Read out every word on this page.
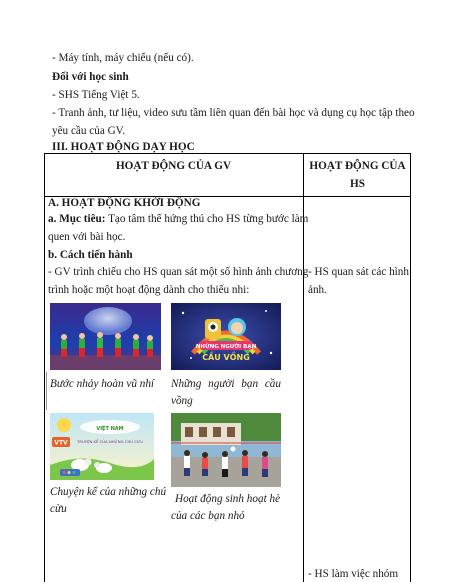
- Máy tính, máy chiếu (nếu có).
Đối với học sinh
- SHS Tiếng Việt 5.
- Tranh ảnh, tư liệu, video sưu tầm liên quan đến bài học và dụng cụ học tập theo
yêu cầu của GV.
III. HOẠT ĐỘNG DẠY HỌC
HOẠT ĐỘNG CỦA GV	HOẠT ĐỘNG CỦA
HS
A. HOẠT ĐỘNG KHỞI ĐỘNG
a. Mục tiêu: Tạo tâm thế hứng thú cho HS từng bước làm
quen với bài học.
b. Cách tiến hành
- GV trình chiếu cho HS quan sát một số hình ảnh chương
trình hoặc một hoạt động dành cho thiếu nhi:
- HS quan sát các hình
ảnh.
- HS làm việc nhóm
Bước nhảy hoàn vũ nhí
NHỮNG NGƯỜI BẠN
CẦU VỒNG
Những người bạn cầu
vồng
VIỆT NAM
VTV TRUYỆN KỂ CỦA NHỮNG CHÚ CỪU
Chuyện kể của những chú
cừu
Hoạt động sinh hoạt hè
của các bạn nhỏ
